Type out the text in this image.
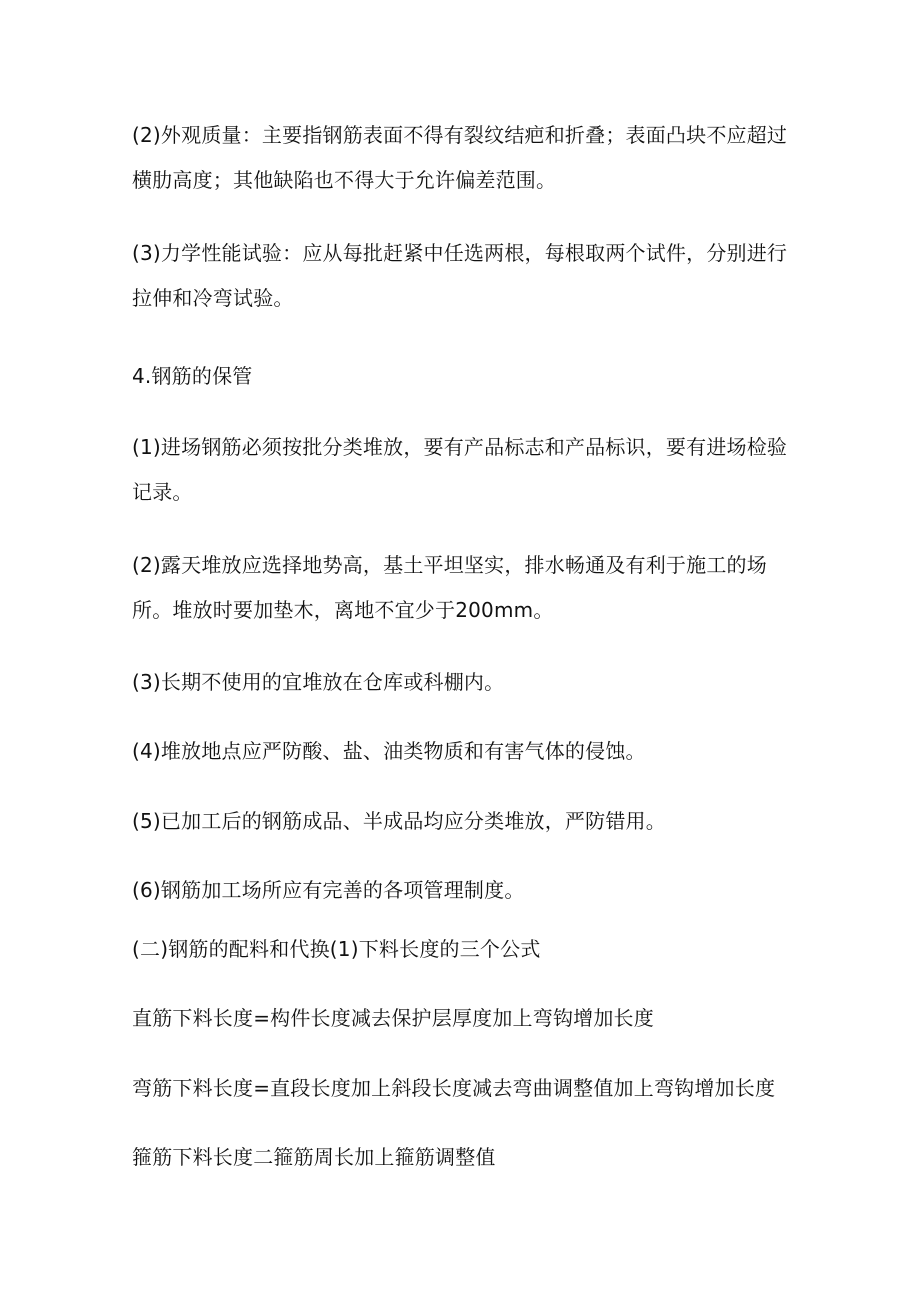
(2)外观质量：主要指钢筋表面不得有裂纹结疤和折叠；表面凸块不应超过横肋高度；其他缺陷也不得大于允许偏差范围。

(3)力学性能试验：应从每批赶紧中任选两根，每根取两个试件，分别进行拉伸和冷弯试验。

4.钢筋的保管

(1)进场钢筋必须按批分类堆放，要有产品标志和产品标识，要有进场检验记录。

(2)露天堆放应选择地势高，基土平坦坚实，排水畅通及有利于施工的场所。堆放时要加垫木，离地不宜少于200mm。

(3)长期不使用的宜堆放在仓库或科棚内。

(4)堆放地点应严防酸、盐、油类物质和有害气体的侵蚀。

(5)已加工后的钢筋成品、半成品均应分类堆放，严防错用。

(6)钢筋加工场所应有完善的各项管理制度。

(二)钢筋的配料和代换(1)下料长度的三个公式

直筋下料长度=构件长度减去保护层厚度加上弯钩增加长度

弯筋下料长度=直段长度加上斜段长度减去弯曲调整值加上弯钩增加长度

箍筋下料长度二箍筋周长加上箍筋调整值
